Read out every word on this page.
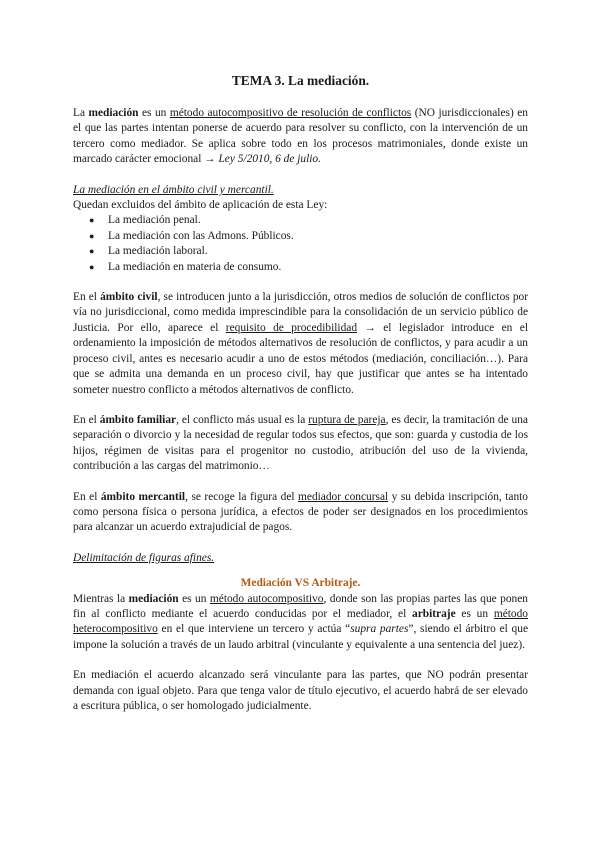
TEMA 3. La mediación.

La mediación es un método autocompositivo de resolución de conflictos (NO jurisdiccionales) en el que las partes intentan ponerse de acuerdo para resolver su conflicto, con la intervención de un tercero como mediador. Se aplica sobre todo en los procesos matrimoniales, donde existe un marcado carácter emocional → Ley 5/2010, 6 de julio.

La mediación en el ámbito civil y mercantil.

Quedan excluidos del ámbito de aplicación de esta Ley:

● La mediación penal.
● La mediación con las Admons. Públicos.
● La mediación laboral.
● La mediación en materia de consumo.

En el ámbito civil, se introducen junto a la jurisdicción, otros medios de solución de conflictos por vía no jurisdiccional, como medida imprescindible para la consolidación de un servicio público de Justicia. Por ello, aparece el requisito de procedibilidad → el legislador introduce en el ordenamiento la imposición de métodos alternativos de resolución de conflictos, y para acudir a un proceso civil, antes es necesario acudir a uno de estos métodos (mediación, conciliación…). Para que se admita una demanda en un proceso civil, hay que justificar que antes se ha intentado someter nuestro conflicto a métodos alternativos de conflicto.

En el ámbito familiar, el conflicto más usual es la ruptura de pareja, es decir, la tramitación de una separación o divorcio y la necesidad de regular todos sus efectos, que son: guarda y custodia de los hijos, régimen de visitas para el progenitor no custodio, atribución del uso de la vivienda, contribución a las cargas del matrimonio…

En el ámbito mercantil, se recoge la figura del mediador concursal y su debida inscripción, tanto como persona física o persona jurídica, a efectos de poder ser designados en los procedimientos para alcanzar un acuerdo extrajudicial de pagos.

Delimitación de figuras afines.

Mediación VS Arbitraje.

Mientras la mediación es un método autocompositivo, donde son las propias partes las que ponen fin al conflicto mediante el acuerdo conducidas por el mediador, el arbitraje es un método heterocompositivo en el que interviene un tercero y actúa “supra partes”, siendo el árbitro el que impone la solución a través de un laudo arbitral (vinculante y equivalente a una sentencia del juez).

En mediación el acuerdo alcanzado será vinculante para las partes, que NO podrán presentar demanda con igual objeto. Para que tenga valor de título ejecutivo, el acuerdo habrá de ser elevado a escritura pública, o ser homologado judicialmente.
